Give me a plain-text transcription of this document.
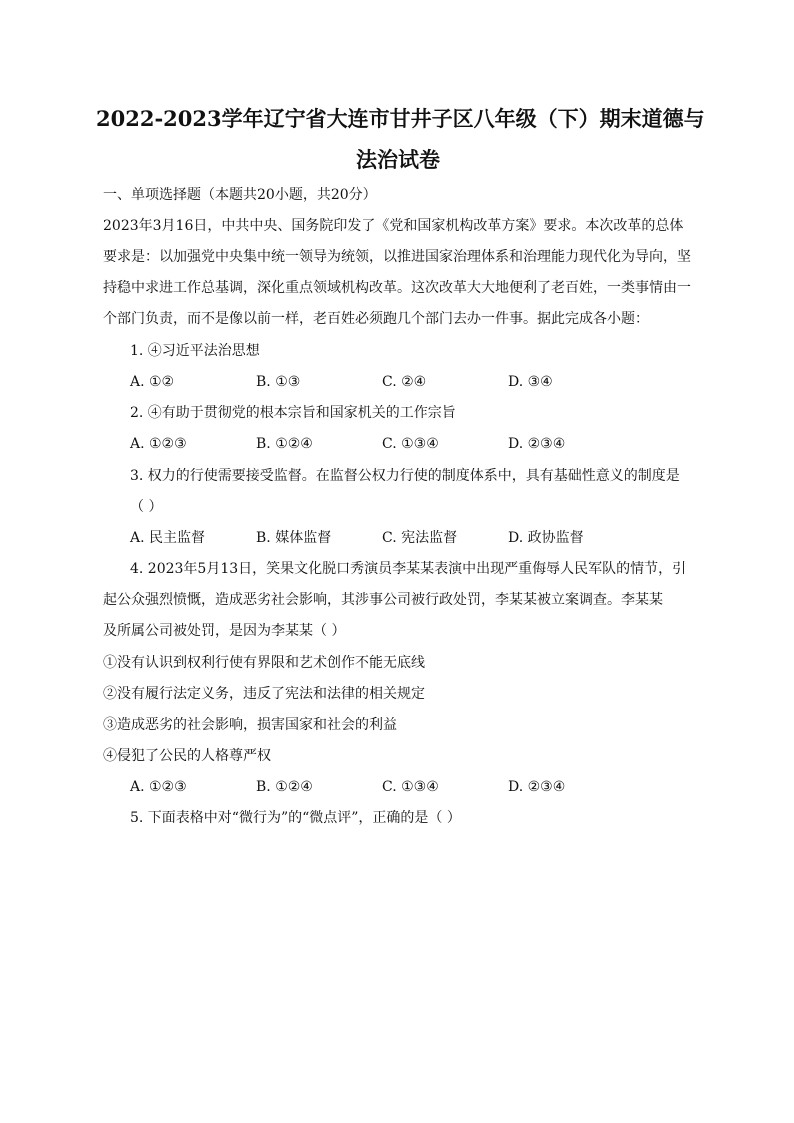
2022-2023学年辽宁省大连市甘井子区八年级（下）期末道德与
法治试卷
一、单项选择题（本题共20小题，共20分）
2023年3月16日，中共中央、国务院印发了《党和国家机构改革方案》要求。本次改革的总体
要求是：以加强党中央集中统一领导为统领，以推进国家治理体系和治理能力现代化为导向，坚
持稳中求进工作总基调，深化重点领域机构改革。这次改革大大地便利了老百姓，一类事情由一
个部门负责，而不是像以前一样，老百姓必须跑几个部门去办一件事。据此完成各小题：
1. ④习近平法治思想
A. ①②	B. ①③	C. ②④	D. ③④
2. ④有助于贯彻党的根本宗旨和国家机关的工作宗旨
A. ①②③	B. ①②④	C. ①③④	D. ②③④
3. 权力的行使需要接受监督。在监督公权力行使的制度体系中，具有基础性意义的制度是
（ ）
A. 民主监督	B. 媒体监督	C. 宪法监督	D. 政协监督
4. 2023年5月13日，笑果文化脱口秀演员李某某表演中出现严重侮辱人民军队的情节，引
起公众强烈愤慨，造成恶劣社会影响，其涉事公司被行政处罚，李某某被立案调查。李某某
及所属公司被处罚，是因为李某某（ ）
①没有认识到权利行使有界限和艺术创作不能无底线
②没有履行法定义务，违反了宪法和法律的相关规定
③造成恶劣的社会影响，损害国家和社会的利益
④侵犯了公民的人格尊严权
A. ①②③	B. ①②④	C. ①③④	D. ②③④
5. 下面表格中对“微行为”的“微点评”，正确的是（ ）
